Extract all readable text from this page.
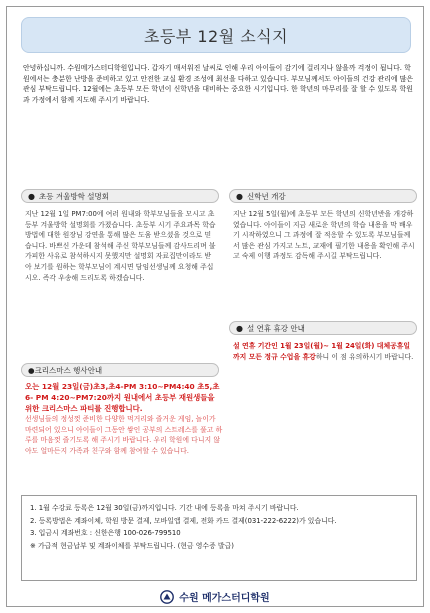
초등부 12월 소식지
안녕하십니까. 수원메가스터디학원입니다. 갑자기 매서워진 날씨로 인해 우리 아이들이 감기에 걸리지나 않을까 걱정이 됩니다. 학원에서는 충분한 난방을 준비하고 있고 안전한 교실 환경 조성에 최선을 다하고 있습니다. 부모님께서도 아이들의 건강 관리에 많은 관심 부탁드립니다. 12월에는 초등부 모든 학년이 신학년을 대비하는 중요한 시기입니다. 한 학년의 마무리를 잘 할 수 있도록 학원과 가정에서 함께 지도해 주시기 바랍니다.
● 초등 겨울방학 설명회
지난 12월 1일 PM7:00에 여러 원내와 학부모님들을 모시고 초등부 겨울방학 설명회를 가졌습니다. 초등부 시기 주요과목 학습 방법에 대한 원장님 강연을 통해 많은 도움 받으셨을 것으로 믿습니다. 바쁘신 가운데 참석해 주신 학부모님들께 감사드리며 불가피한 사유로 참석하시지 못했지만 설명회 자료집만이라도 받아 보기를 원하는 학부모님이 계시면 담임선생님께 요청해 주십시오. 즉각 우송해 드리도록 하겠습니다.
● 신학년 개강
지난 12월 5일(월)에 초등부 모든 학년의 신학년반을 개강하였습니다. 아이들이 지금 새로운 학년의 학습 내용을 막 배우기 시작하였으니 그 과정에 잘 적응할 수 있도록 부모님들께서 많은 관심 가지고 노트, 교재에 필기한 내용을 확인해 주시고 숙제 이행 과정도 감독해 주시길 부탁드립니다.
● 설 연휴 휴강 안내
설 연휴 기간인 1월 23일(월)~ 1월 24일(화) 대체공휴일까지 모든 정규 수업을 휴강하니 이 점 유의하시기 바랍니다.
●크리스마스 행사안내
오는 12월 23일(금)초3,초4-PM 3:10~PM4:40 초5,초6- PM 4:20~PM7:20까지 원내에서 초등부 재원생들을 위한 크리스마스 파티를 진행합니다.
선생님들의 정성껏 준비한 다양한 먹거리와 즐거운 게임, 놀이가 마련되어 있으니 아이들이 그동안 쌓인 공부의 스트레스를 풀고 하루를 마음껏 즐기도록 해 주시기 바랍니다. 우리 학원에 다니지 않아도 얼마든지 가족과 친구와 함께 참여할 수 있습니다.
1. 1월 수강료 등록은 12월 30일(금)까지입니다. 기간 내에 등록을 마쳐 주시기 바랍니다.
2. 등록방법은 계좌이체, 학원 방문 결제, 모바일앱 결제, 전화 카드 결제(031-222-6222)가 있습니다.
3. 입금시 계좌번호 : 신한은행 100-026-799510
※ 가급적 현금납부 및 계좌이체를 부탁드립니다. (현금 영수증 발급)
수원 메가스터디학원
